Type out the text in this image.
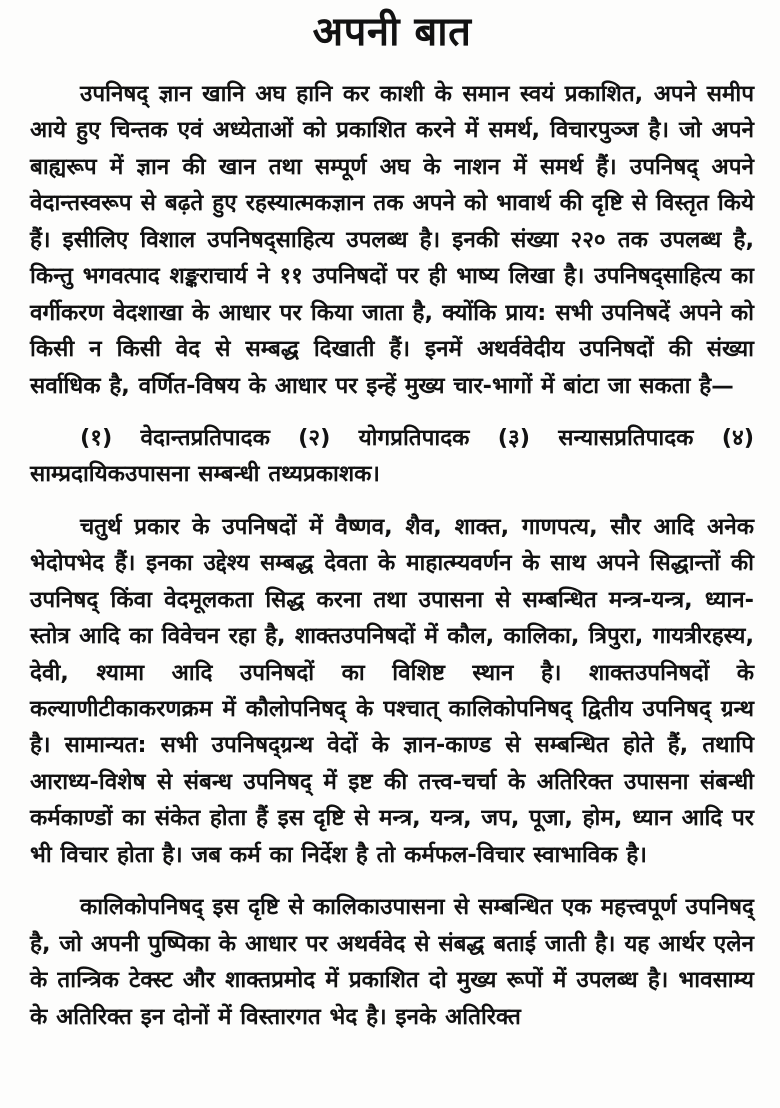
अपनी बात

उपनिषद् ज्ञान खानि अघ हानि कर काशी के समान स्वयं प्रकाशित, अपने समीप आये हुए चिन्तक एवं अध्येताओं को प्रकाशित करने में समर्थ, विचारपुञ्ज है। जो अपने बाह्यरूप में ज्ञान की खान तथा सम्पूर्ण अघ के नाशन में समर्थ हैं। उपनिषद् अपने वेदान्तस्वरूप से बढ़ते हुए रहस्यात्मकज्ञान तक अपने को भावार्थ की दृष्टि से विस्तृत किये हैं। इसीलिए विशाल उपनिषद्साहित्य उपलब्ध है। इनकी संख्या २२० तक उपलब्ध है, किन्तु भगवत्पाद शङ्कराचार्य ने ११ उपनिषदों पर ही भाष्य लिखा है। उपनिषद्साहित्य का वर्गीकरण वेदशाखा के आधार पर किया जाता है, क्योंकि प्राय: सभी उपनिषदें अपने को किसी न किसी वेद से सम्बद्ध दिखाती हैं। इनमें अथर्ववेदीय उपनिषदों की संख्या सर्वाधिक है, वर्णित-विषय के आधार पर इन्हें मुख्य चार-भागों में बांटा जा सकता है—

(१) वेदान्तप्रतिपादक (२) योगप्रतिपादक (३) सन्यासप्रतिपादक (४) साम्प्रदायिकउपासना सम्बन्धी तथ्यप्रकाशक।

चतुर्थ प्रकार के उपनिषदों में वैष्णव, शैव, शाक्त, गाणपत्य, सौर आदि अनेक भेदोपभेद हैं। इनका उद्देश्य सम्बद्ध देवता के माहात्म्यवर्णन के साथ अपने सिद्धान्तों की उपनिषद् किंवा वेदमूलकता सिद्ध करना तथा उपासना से सम्बन्धित मन्त्र-यन्त्र, ध्यान-स्तोत्र आदि का विवेचन रहा है, शाक्तउपनिषदों में कौल, कालिका, त्रिपुरा, गायत्रीरहस्य, देवी, श्यामा आदि उपनिषदों का विशिष्ट स्थान है। शाक्तउपनिषदों के कल्याणीटीकाकरणक्रम में कौलोपनिषद् के पश्चात् कालिकोपनिषद् द्वितीय उपनिषद् ग्रन्थ है। सामान्यत: सभी उपनिषद्ग्रन्थ वेदों के ज्ञान-काण्ड से सम्बन्धित होते हैं, तथापि आराध्य-विशेष से संबन्ध उपनिषद् में इष्ट की तत्त्व-चर्चा के अतिरिक्त उपासना संबन्धी कर्मकाण्डों का संकेत होता हैं इस दृष्टि से मन्त्र, यन्त्र, जप, पूजा, होम, ध्यान आदि पर भी विचार होता है। जब कर्म का निर्देश है तो कर्मफल-विचार स्वाभाविक है।

कालिकोपनिषद् इस दृष्टि से कालिकाउपासना से सम्बन्धित एक महत्त्वपूर्ण उपनिषद् है, जो अपनी पुष्पिका के आधार पर अथर्ववेद से संबद्ध बताई जाती है। यह आर्थर एलेन के तान्त्रिक टेक्स्ट और शाक्तप्रमोद में प्रकाशित दो मुख्य रूपों में उपलब्ध है। भावसाम्य के अतिरिक्त इन दोनों में विस्तारगत भेद है। इनके अतिरिक्त
